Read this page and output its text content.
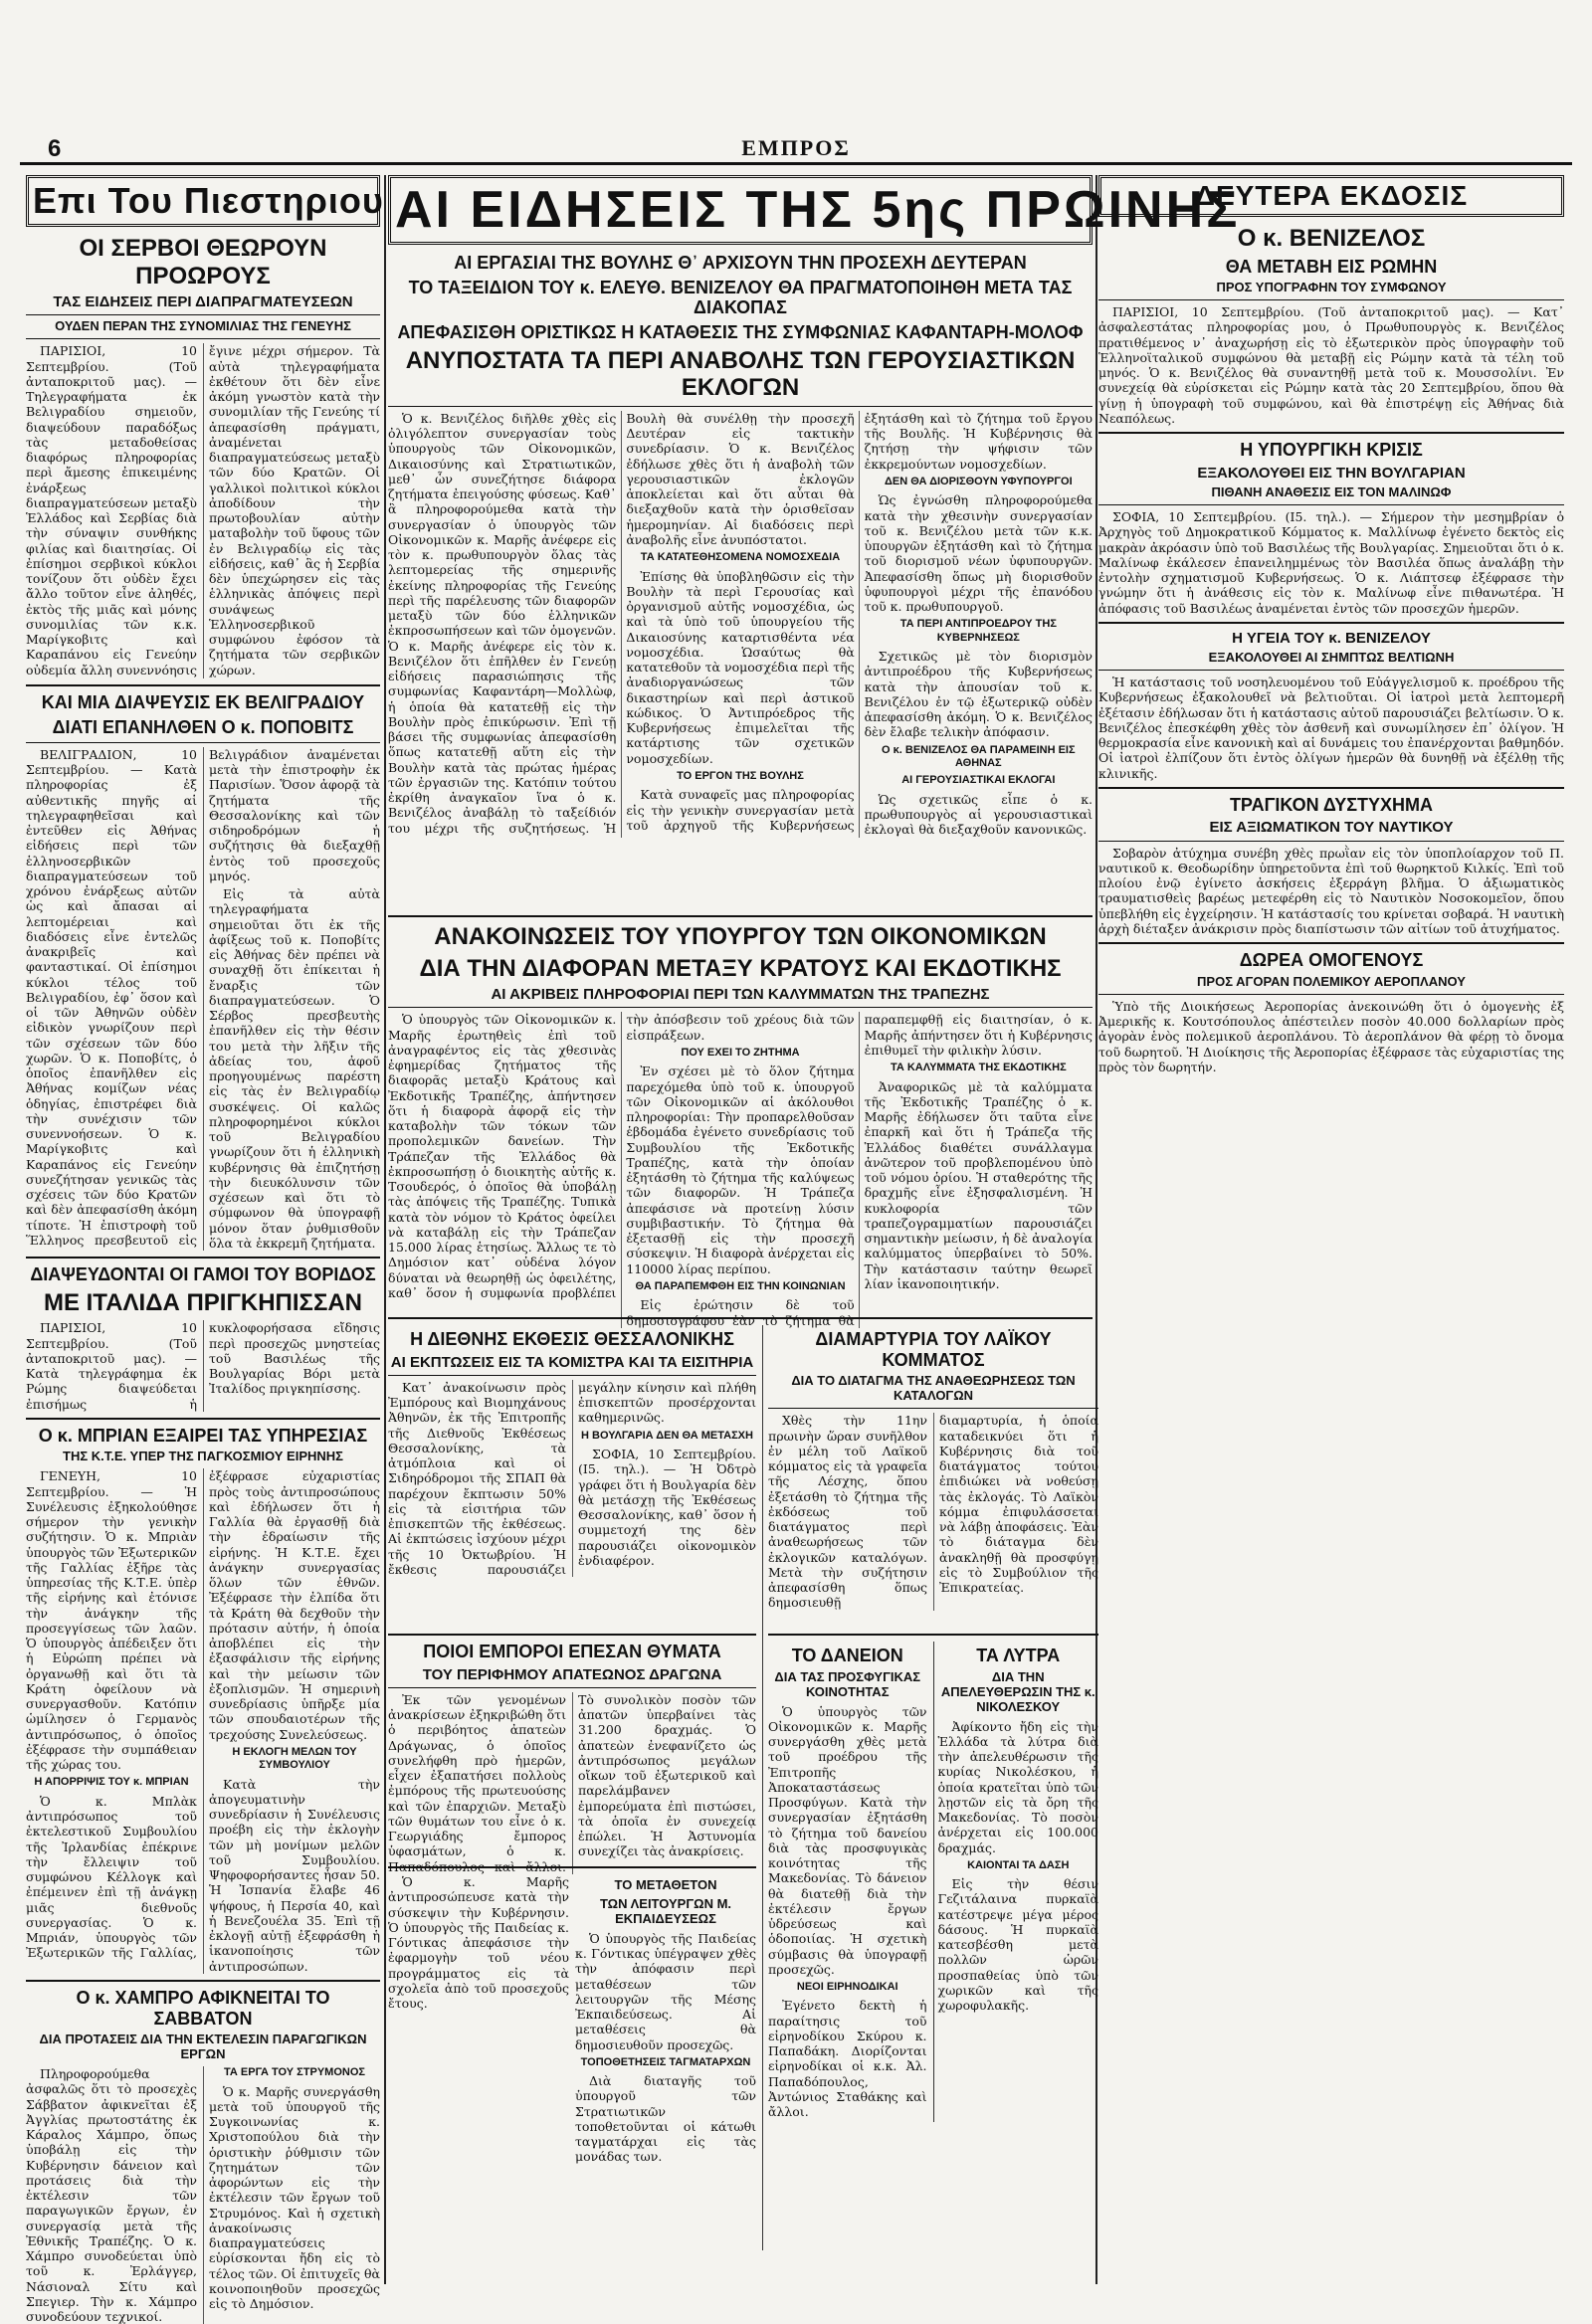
6	ΕΜΠΡΟΣ
Επι Του Πιεστηριου
ΟΙ ΣΕΡΒΟΙ ΘΕΩΡΟΥΝ ΠΡΟΩΡΟΥΣ
ΤΑΣ ΕΙΔΗΣΕΙΣ ΠΕΡΙ ΔΙΑΠΡΑΓΜΑΤΕΥΣΕΩΝ
ΟΥΔΕΝ ΠΕΡΑΝ ΤΗΣ ΣΥΝΟΜΙΛΙΑΣ ΤΗΣ ΓΕΝΕΥΗΣ

ΠΑΡΙΣΙΟΙ, 10 Σεπτεμβρίου. (Τοῦ ἀνταποκριτοῦ μας). — Τηλεγραφήματα ἐκ Βελιγραδίου σημειοῦν, διαψεύδουν παραδόξως τὰς μεταδοθείσας διαφόρως πληροφορίας περὶ ἄμεσης ἐπικειμένης ἐνάρξεως διαπραγματεύσεων μεταξὺ Ἑλλάδος καὶ Σερβίας διὰ τὴν σύναψιν συνθήκης φιλίας καὶ διαιτησίας. Οἱ ἐπίσημοι σερβικοὶ κύκλοι τονίζουν ὅτι οὐδὲν ἔχει ἄλλο τοῦτον εἶνε ἀληθές, ἐκτὸς τῆς μιᾶς καὶ μόνης συνομιλίας τῶν κ.κ. Μαρίγκοβιτς καὶ Καραπάνου εἰς Γενεύην οὐδεμία ἄλλη συνεννόησις ἔγινε μέχρι σήμερον. Τὰ αὐτὰ τηλεγραφήματα ἐκθέτουν ὅτι δὲν εἶνε ἀκόμη γνωστὸν κατὰ τὴν συνομιλίαν τῆς Γενεύης τί ἀπεφασίσθη πράγματι, ἀναμένεται διαπραγματεύσεως μεταξὺ τῶν δύο Κρατῶν. Οἱ γαλλικοὶ πολιτικοὶ κύκλοι ἀποδίδουν τὴν πρωτοβουλίαν αὐτὴν ματαβολὴν τοῦ ὕφους τῶν ἐν Βελιγραδίῳ εἰς τὰς εἰδήσεις, καθ᾽ ἃς ἡ Σερβία δὲν ὑπεχώρησεν εἰς τὰς ἑλληνικὰς ἀπόψεις περὶ συνάψεως Ἑλληνοσερβικοῦ συμφώνου ἐφόσον τὰ ζητήματα τῶν σερβικῶν χώρων.

ΚΑΙ ΜΙΑ ΔΙΑΨΕΥΣΙΣ ΕΚ ΒΕΛΙΓΡΑΔΙΟΥ
ΔΙΑΤΙ ΕΠΑΝΗΛΘΕΝ Ο κ. ΠΟΠΟΒΙΤΣ

ΒΕΛΙΓΡΑΔΙΟΝ, 10 Σεπτεμβρίου. — Κατὰ πληροφορίας ἐξ αὐθεντικῆς πηγῆς αἱ τηλεγραφηθεῖσαι καὶ ἐντεῦθεν εἰς Ἀθήνας εἰδήσεις περὶ τῶν ἑλληνοσερβικῶν διαπραγματεύσεων τοῦ χρόνου ἐνάρξεως αὐτῶν ὡς καὶ ἄπασαι αἱ λεπτομέρειαι καὶ διαδόσεις εἶνε ἐντελῶς ἀνακριβεῖς καὶ φανταστικαί. Οἱ ἐπίσημοι κύκλοι τέλος τοῦ Βελιγραδίου, ἐφ᾽ ὅσον καὶ οἱ τῶν Ἀθηνῶν οὐδὲν εἰδικὸν γνωρίζουν περὶ τῶν σχέσεων τῶν δύο χωρῶν. Ὁ κ. Ποποβίτς, ὁ ὁποῖος ἐπανῆλθεν εἰς Ἀθήνας κομίζων νέας ὁδηγίας, ἐπιστρέφει διὰ τὴν συνέχισιν τῶν συνεννοήσεων. Ὁ κ. Μαρίγκοβιτς καὶ Καραπάνος εἰς Γενεύην συνεζήτησαν γενικῶς τὰς σχέσεις τῶν δύο Κρατῶν καὶ δὲν ἀπεφασίσθη ἀκόμη τίποτε. Ἡ ἐπιστροφὴ τοῦ Ἕλληνος πρεσβευτοῦ εἰς Βελιγράδιον ἀναμένεται μετὰ τὴν ἐπιστροφὴν ἐκ Παρισίων. Ὅσον ἀφορᾷ τὰ ζητήματα τῆς Θεσσαλονίκης καὶ τῶν σιδηροδρόμων ἡ συζήτησις θὰ διεξαχθῇ ἐντὸς τοῦ προσεχοῦς μηνός.

Εἰς τὰ αὐτὰ τηλεγραφήματα σημειοῦται ὅτι ἐκ τῆς ἀφίξεως τοῦ κ. Ποποβίτς εἰς Ἀθήνας δὲν πρέπει νὰ συναχθῇ ὅτι ἐπίκειται ἡ ἔναρξις τῶν διαπραγματεύσεων. Ὁ Σέρβος πρεσβευτὴς ἐπανῆλθεν εἰς τὴν θέσιν του μετὰ τὴν λῆξιν τῆς ἀδείας του, ἀφοῦ προηγουμένως παρέστη εἰς τὰς ἐν Βελιγραδίῳ συσκέψεις. Οἱ καλῶς πληροφορημένοι κύκλοι τοῦ Βελιγραδίου γνωρίζουν ὅτι ἡ ἑλληνικὴ κυβέρνησις θὰ ἐπιζητήσῃ τὴν διευκόλυνσιν τῶν σχέσεων καὶ ὅτι τὸ σύμφωνον θὰ ὑπογραφῇ μόνον ὅταν ῥυθμισθοῦν ὅλα τὰ ἐκκρεμῆ ζητήματα.

ΔΙΑΨΕΥΔΟΝΤΑΙ ΟΙ ΓΑΜΟΙ ΤΟΥ ΒΟΡΙΔΟΣ
ΜΕ ΙΤΑΛΙΔΑ ΠΡΙΓΚΗΠΙΣΣΑΝ

ΠΑΡΙΣΙΟΙ, 10 Σεπτεμβρίου. (Τοῦ ἀνταποκριτοῦ μας). — Κατὰ τηλεγράφημα ἐκ Ρώμης διαψεύδεται ἐπισήμως ἡ κυκλοφορήσασα εἴδησις περὶ προσεχῶς μνηστείας τοῦ Βασιλέως τῆς Βουλγαρίας Βόρι μετὰ Ἰταλίδος πριγκηπίσσης.

Ο κ. ΜΠΡΙΑΝ ΕΞΑΙΡΕΙ ΤΑΣ ΥΠΗΡΕΣΙΑΣ
ΤΗΣ Κ.Τ.Ε. ΥΠΕΡ ΤΗΣ ΠΑΓΚΟΣΜΙΟΥ ΕΙΡΗΝΗΣ

ΓΕΝΕΥΗ, 10 Σεπτεμβρίου. — Ἡ Συνέλευσις ἐξηκολούθησε σήμερον τὴν γενικὴν συζήτησιν. Ὁ κ. Μπριὰν ὑπουργὸς τῶν Ἐξωτερικῶν τῆς Γαλλίας ἐξῆρε τὰς ὑπηρεσίας τῆς Κ.Τ.Ε. ὑπὲρ τῆς εἰρήνης καὶ ἐτόνισε τὴν ἀνάγκην τῆς προσεγγίσεως τῶν λαῶν. Ὁ ὑπουργὸς ἀπέδειξεν ὅτι ἡ Εὐρώπη πρέπει νὰ ὀργανωθῇ καὶ ὅτι τὰ Κράτη ὀφείλουν νὰ συνεργασθοῦν. Κατόπιν ὡμίλησεν ὁ Γερμανὸς ἀντιπρόσωπος, ὁ ὁποῖος ἐξέφρασε τὴν συμπάθειαν τῆς χώρας του.

Η ΑΠΟΡΡΙΨΙΣ ΤΟΥ κ. ΜΠΡΙΑΝ

Ὁ κ. Μπλὰκ ἀντιπρόσωπος τοῦ ἐκτελεστικοῦ Συμβουλίου τῆς Ἰρλανδίας ἐπέκρινε τὴν ἔλλειψιν τοῦ συμφώνου Κέλλογκ καὶ ἐπέμεινεν ἐπὶ τῇ ἀνάγκῃ μιᾶς διεθνοῦς συνεργασίας. Ὁ κ. Μπριάν, ὑπουργὸς τῶν Ἐξωτερικῶν τῆς Γαλλίας, ἐξέφρασε εὐχαριστίας πρὸς τοὺς ἀντιπροσώπους καὶ ἐδήλωσεν ὅτι ἡ Γαλλία θὰ ἐργασθῇ διὰ τὴν ἐδραίωσιν τῆς εἰρήνης. Ἡ Κ.Τ.Ε. ἔχει ἀνάγκην συνεργασίας ὅλων τῶν ἐθνῶν. Ἐξέφρασε τὴν ἐλπίδα ὅτι τὰ Κράτη θὰ δεχθοῦν τὴν πρότασιν αὐτήν, ἡ ὁποία ἀποβλέπει εἰς τὴν ἐξασφάλισιν τῆς εἰρήνης καὶ τὴν μείωσιν τῶν ἐξοπλισμῶν. Ἡ σημερινὴ συνεδρίασις ὑπῆρξε μία τῶν σπουδαιοτέρων τῆς τρεχούσης Συνελεύσεως.

Η ΕΚΛΟΓΗ ΜΕΛΩΝ ΤΟΥ ΣΥΜΒΟΥΛΙΟΥ

Κατὰ τὴν ἀπογευματινὴν συνεδρίασιν ἡ Συνέλευσις προέβη εἰς τὴν ἐκλογὴν τῶν μὴ μονίμων μελῶν τοῦ Συμβουλίου. Ψηφοφορήσαντες ἦσαν 50. Ἡ Ἰσπανία ἔλαβε 46 ψήφους, ἡ Περσία 40, καὶ ἡ Βενεζουέλα 35. Ἐπὶ τῇ ἐκλογῇ αὐτῇ ἐξεφράσθη ἡ ἱκανοποίησις τῶν ἀντιπροσώπων.

Ο κ. ΧΑΜΠΡΟ ΑΦΙΚΝΕΙΤΑΙ ΤΟ ΣΑΒΒΑΤΟΝ
ΔΙΑ ΠΡΟΤΑΣΕΙΣ ΔΙΑ ΤΗΝ ΕΚΤΕΛΕΣΙΝ ΠΑΡΑΓΩΓΙΚΩΝ ΕΡΓΩΝ

Πληροφορούμεθα ἀσφαλῶς ὅτι τὸ προσεχὲς Σάββατον ἀφικνεῖται ἐξ Ἀγγλίας πρωτοστάτης ἐκ Κάραλος Χάμπρο, ὅπως ὑποβάλῃ εἰς τὴν Κυβέρνησιν δάνειον καὶ προτάσεις διὰ τὴν ἐκτέλεσιν τῶν παραγωγικῶν ἔργων, ἐν συνεργασίᾳ μετὰ τῆς Ἐθνικῆς Τραπέζης. Ὁ κ. Χάμπρο συνοδεύεται ὑπὸ τοῦ κ. Ἐρλάγγερ, Νάσιοναλ Σίτυ καὶ Σπεγιερ. Τὴν κ. Χάμπρο συνοδεύουν τεχνικοί.

ΤΑ ΕΡΓΑ ΤΟΥ ΣΤΡΥΜΟΝΟΣ

Ὁ κ. Μαρῆς συνεργάσθη μετὰ τοῦ ὑπουργοῦ τῆς Συγκοινωνίας κ. Χριστοπούλου διὰ τὴν ὁριστικὴν ῥύθμισιν τῶν ζητημάτων τῶν ἀφορώντων εἰς τὴν ἐκτέλεσιν τῶν ἔργων τοῦ Στρυμόνος. Καὶ ἡ σχετικὴ ἀνακοίνωσις διαπραγματεύσεις εὑρίσκονται ἤδη εἰς τὸ τέλος τῶν. Οἱ ἐπιτυχεῖς θὰ κοινοποιηθοῦν προσεχῶς εἰς τὸ Δημόσιον.

ΑΙ ΕΙΔΗΣΕΙΣ ΤΗΣ 5ης ΠΡΩΙΝΗΣ
ΑΙ ΕΡΓΑΣΙΑΙ ΤΗΣ ΒΟΥΛΗΣ Θ᾽ ΑΡΧΙΣΟΥΝ ΤΗΝ ΠΡΟΣΕΧΗ ΔΕΥΤΕΡΑΝ
ΤΟ ΤΑΞΕΙΔΙΟΝ ΤΟΥ κ. ΕΛΕΥΘ. ΒΕΝΙΖΕΛΟΥ ΘΑ ΠΡΑΓΜΑΤΟΠΟΙΗΘΗ ΜΕΤΑ ΤΑΣ ΔΙΑΚΟΠΑΣ
ΑΠΕΦΑΣΙΣΘΗ ΟΡΙΣΤΙΚΩΣ Η ΚΑΤΑΘΕΣΙΣ ΤΗΣ ΣΥΜΦΩΝΙΑΣ ΚΑΦΑΝΤΑΡΗ-ΜΟΛΟΦ
ΑΝΥΠΟΣΤΑΤΑ ΤΑ ΠΕΡΙ ΑΝΑΒΟΛΗΣ ΤΩΝ ΓΕΡΟΥΣΙΑΣΤΙΚΩΝ ΕΚΛΟΓΩΝ

Ὁ κ. Βενιζέλος διῆλθε χθὲς εἰς ὀλιγόλεπτον συνεργασίαν τοὺς ὑπουργοὺς τῶν Οἰκονομικῶν, Δικαιοσύνης καὶ Στρατιωτικῶν, μεθ᾽ ὧν συνεζήτησε διάφορα ζητήματα ἐπειγούσης φύσεως. Καθ᾽ ἃ πληροφορούμεθα κατὰ τὴν συνεργασίαν ὁ ὑπουργὸς τῶν Οἰκονομικῶν κ. Μαρῆς ἀνέφερε εἰς τὸν κ. πρωθυπουργὸν ὅλας τὰς λεπτομερείας τῆς σημερινῆς ἐκείνης πληροφορίας τῆς Γενεύης περὶ τῆς παρέλευσης τῶν διαφορῶν μεταξὺ τῶν δύο ἑλληνικῶν ἐκπροσωπήσεων καὶ τῶν ὁμογενῶν. Ὁ κ. Μαρῆς ἀνέφερε εἰς τὸν κ. Βενιζέλον ὅτι ἐπῆλθεν ἐν Γενεύῃ εἰδήσεις παρασιώπησις τῆς συμφωνίας Καφαντάρη—Μολλὼφ, ἡ ὁποία θὰ κατατεθῇ εἰς τὴν Βουλὴν πρὸς ἐπικύρωσιν. Ἐπὶ τῇ βάσει τῆς συμφωνίας ἀπεφασίσθη ὅπως κατατεθῇ αὕτη εἰς τὴν Βουλὴν κατὰ τὰς πρώτας ἡμέρας τῶν ἐργασιῶν της. Κατόπιν τούτου ἐκρίθη ἀναγκαῖον ἵνα ὁ κ. Βενιζέλος ἀναβάλῃ τὸ ταξείδιόν του μέχρι τῆς συζητήσεως. Ἡ Βουλὴ θὰ συνέλθῃ τὴν προσεχῆ Δευτέραν εἰς τακτικὴν συνεδρίασιν. Ὁ κ. Βενιζέλος ἐδήλωσε χθὲς ὅτι ἡ ἀναβολὴ τῶν γερουσιαστικῶν ἐκλογῶν ἀποκλείεται καὶ ὅτι αὗται θὰ διεξαχθοῦν κατὰ τὴν ὁρισθεῖσαν ἡμερομηνίαν. Αἱ διαδόσεις περὶ ἀναβολῆς εἶνε ἀνυπόστατοι.

ΤΑ ΚΑΤΑΤΕΘΗΣΟΜΕΝΑ ΝΟΜΟΣΧΕΔΙΑ

Ἐπίσης θὰ ὑποβληθῶσιν εἰς τὴν Βουλὴν τὰ περὶ Γερουσίας καὶ ὀργανισμοῦ αὐτῆς νομοσχέδια, ὡς καὶ τὰ ὑπὸ τοῦ ὑπουργείου τῆς Δικαιοσύνης καταρτισθέντα νέα νομοσχέδια. Ὡσαύτως θὰ κατατεθοῦν τὰ νομοσχέδια περὶ τῆς ἀναδιοργανώσεως τῶν δικαστηρίων καὶ περὶ ἀστικοῦ κώδικος. Ὁ Ἀντιπρόεδρος τῆς Κυβερνήσεως ἐπιμελεῖται τῆς κατάρτισης τῶν σχετικῶν νομοσχεδίων.

ΤΟ ΕΡΓΟΝ ΤΗΣ ΒΟΥΛΗΣ

Κατὰ συναφεῖς μας πληροφορίας εἰς τὴν γενικὴν συνεργασίαν μετὰ τοῦ ἀρχηγοῦ τῆς Κυβερνήσεως ἐξητάσθη καὶ τὸ ζήτημα τοῦ ἔργου τῆς Βουλῆς. Ἡ Κυβέρνησις θὰ ζητήσῃ τὴν ψήφισιν τῶν ἐκκρεμούντων νομοσχεδίων.

ΔΕΝ ΘΑ ΔΙΟΡΙΣΘΟΥΝ ΥΦΥΠΟΥΡΓΟΙ

Ὡς ἐγνώσθη πληροφορούμεθα κατὰ τὴν χθεσινὴν συνεργασίαν τοῦ κ. Βενιζέλου μετὰ τῶν κ.κ. ὑπουργῶν ἐξητάσθη καὶ τὸ ζήτημα τοῦ διορισμοῦ νέων ὑφυπουργῶν. Ἀπεφασίσθη ὅπως μὴ διορισθοῦν ὑφυπουργοὶ μέχρι τῆς ἐπανόδου τοῦ κ. πρωθυπουργοῦ.

ΤΑ ΠΕΡΙ ΑΝΤΙΠΡΟΕΔΡΟΥ ΤΗΣ ΚΥΒΕΡΝΗΣΕΩΣ

Σχετικῶς μὲ τὸν διορισμὸν ἀντιπροέδρου τῆς Κυβερνήσεως κατὰ τὴν ἀπουσίαν τοῦ κ. Βενιζέλου ἐν τῷ ἐξωτερικῷ οὐδὲν ἀπεφασίσθη ἀκόμη. Ὁ κ. Βενιζέλος δὲν ἔλαβε τελικὴν ἀπόφασιν.

Ο κ. ΒΕΝΙΖΕΛΟΣ ΘΑ ΠΑΡΑΜΕΙΝΗ ΕΙΣ ΑΘΗΝΑΣ
ΑΙ ΓΕΡΟΥΣΙΑΣΤΙΚΑΙ ΕΚΛΟΓΑΙ

Ὡς σχετικῶς εἶπε ὁ κ. πρωθυπουργὸς αἱ γερουσιαστικαὶ ἐκλογαὶ θὰ διεξαχθοῦν κανονικῶς.

ΑΝΑΚΟΙΝΩΣΕΙΣ ΤΟΥ ΥΠΟΥΡΓΟΥ ΤΩΝ ΟΙΚΟΝΟΜΙΚΩΝ
ΔΙΑ ΤΗΝ ΔΙΑΦΟΡΑΝ ΜΕΤΑΞΥ ΚΡΑΤΟΥΣ ΚΑΙ ΕΚΔΟΤΙΚΗΣ
ΑΙ ΑΚΡΙΒΕΙΣ ΠΛΗΡΟΦΟΡΙΑΙ ΠΕΡΙ ΤΩΝ ΚΑΛΥΜΜΑΤΩΝ ΤΗΣ ΤΡΑΠΕΖΗΣ

Ὁ ὑπουργὸς τῶν Οἰκονομικῶν κ. Μαρῆς ἐρωτηθεὶς ἐπὶ τοῦ ἀναγραφέντος εἰς τὰς χθεσινὰς ἐφημερίδας ζητήματος τῆς διαφορᾶς μεταξὺ Κράτους καὶ Ἐκδοτικῆς Τραπέζης, ἀπήντησεν ὅτι ἡ διαφορὰ ἀφορᾷ εἰς τὴν καταβολὴν τῶν τόκων τῶν προπολεμικῶν δανείων. Τὴν Τράπεζαν τῆς Ἑλλάδος θὰ ἐκπροσωπήσῃ ὁ διοικητὴς αὐτῆς κ. Τσουδερός, ὁ ὁποῖος θὰ ὑποβάλῃ τὰς ἀπόψεις τῆς Τραπέζης. Τυπικὰ κατὰ τὸν νόμον τὸ Κράτος ὀφείλει νὰ καταβάλῃ εἰς τὴν Τράπεζαν 15.000 λίρας ἑτησίως. Ἄλλως τε τὸ Δημόσιον κατ᾽ οὐδένα λόγον δύναται νὰ θεωρηθῇ ὡς ὀφειλέτης, καθ᾽ ὅσον ἡ συμφωνία προβλέπει τὴν ἀπόσβεσιν τοῦ χρέους διὰ τῶν εἰσπράξεων.

ΠΟΥ ΕΧΕΙ ΤΟ ΖΗΤΗΜΑ

Ἐν σχέσει μὲ τὸ ὅλον ζήτημα παρεχόμεθα ὑπὸ τοῦ κ. ὑπουργοῦ τῶν Οἰκονομικῶν αἱ ἀκόλουθοι πληροφορίαι: Τὴν προπαρελθοῦσαν ἑβδομάδα ἐγένετο συνεδρίασις τοῦ Συμβουλίου τῆς Ἐκδοτικῆς Τραπέζης, κατὰ τὴν ὁποίαν ἐξητάσθη τὸ ζήτημα τῆς καλύψεως τῶν διαφορῶν. Ἡ Τράπεζα ἀπεφάσισε νὰ προτείνῃ λύσιν συμβιβαστικήν. Τὸ ζήτημα θὰ ἐξετασθῇ εἰς τὴν προσεχῆ σύσκεψιν. Ἡ διαφορὰ ἀνέρχεται εἰς 110000 λίρας περίπου.

ΘΑ ΠΑΡΑΠΕΜΦΘΗ ΕΙΣ ΤΗΝ ΚΟΙΝΩΝΙΑΝ

Εἰς ἐρώτησιν δὲ τοῦ δημοσιογράφου ἐὰν τὸ ζήτημα θὰ παραπεμφθῇ εἰς διαιτησίαν, ὁ κ. Μαρῆς ἀπήντησεν ὅτι ἡ Κυβέρνησις ἐπιθυμεῖ τὴν φιλικὴν λύσιν.

ΤΑ ΚΑΛΥΜΜΑΤΑ ΤΗΣ ΕΚΔΟΤΙΚΗΣ

Ἀναφορικῶς μὲ τὰ καλύμματα τῆς Ἐκδοτικῆς Τραπέζης ὁ κ. Μαρῆς ἐδήλωσεν ὅτι ταῦτα εἶνε ἐπαρκῆ καὶ ὅτι ἡ Τράπεζα τῆς Ἑλλάδος διαθέτει συνάλλαγμα ἀνῶτερον τοῦ προβλεπομένου ὑπὸ τοῦ νόμου ὁρίου. Ἡ σταθερότης τῆς δραχμῆς εἶνε ἐξησφαλισμένη. Ἡ κυκλοφορία τῶν τραπεζογραμματίων παρουσιάζει σημαντικὴν μείωσιν, ἡ δὲ ἀναλογία καλύμματος ὑπερβαίνει τὸ 50%. Τὴν κατάστασιν ταύτην θεωρεῖ λίαν ἱκανοποιητικήν.

Η ΔΙΕΘΝΗΣ ΕΚΘΕΣΙΣ ΘΕΣΣΑΛΟΝΙΚΗΣ
ΑΙ ΕΚΠΤΩΣΕΙΣ ΕΙΣ ΤΑ ΚΟΜΙΣΤΡΑ ΚΑΙ ΤΑ ΕΙΣΙΤΗΡΙΑ

Κατ᾽ ἀνακοίνωσιν πρὸς Ἐμπόρους καὶ Βιομηχάνους Ἀθηνῶν, ἐκ τῆς Ἐπιτροπῆς τῆς Διεθνοῦς Ἐκθέσεως Θεσσαλονίκης, τὰ ἀτμόπλοια καὶ οἱ Σιδηρόδρομοι τῆς ΣΠΑΠ θὰ παρέχουν ἔκπτωσιν 50% εἰς τὰ εἰσιτήρια τῶν ἐπισκεπτῶν τῆς ἐκθέσεως. Αἱ ἐκπτώσεις ἰσχύουν μέχρι τῆς 10 Ὀκτωβρίου. Ἡ ἔκθεσις παρουσιάζει μεγάλην κίνησιν καὶ πλήθη ἐπισκεπτῶν προσέρχονται καθημερινῶς.

Η ΒΟΥΛΓΑΡΙΑ ΔΕΝ ΘΑ ΜΕΤΑΣΧΗ

ΣΟΦΙΑ, 10 Σεπτεμβρίου. (Ι5. τηλ.). — Ἡ Ὀδτρὸ γράφει ὅτι ἡ Βουλγαρία δὲν θὰ μετάσχῃ τῆς Ἐκθέσεως Θεσσαλονίκης, καθ᾽ ὅσον ἡ συμμετοχή της δὲν παρουσιάζει οἰκονομικὸν ἐνδιαφέρον.

ΠΟΙΟΙ ΕΜΠΟΡΟΙ ΕΠΕΣΑΝ ΘΥΜΑΤΑ
ΤΟΥ ΠΕΡΙΦΗΜΟΥ ΑΠΑΤΕΩΝΟΣ ΔΡΑΓΩΝΑ

Ἐκ τῶν γενομένων ἀνακρίσεων ἐξηκριβώθη ὅτι ὁ περιβόητος ἀπατεὼν Δράγωνας, ὁ ὁποῖος συνελήφθη πρὸ ἡμερῶν, εἶχεν ἐξαπατήσει πολλοὺς ἐμπόρους τῆς πρωτευούσης καὶ τῶν ἐπαρχιῶν. Μεταξὺ τῶν θυμάτων του εἶνε ὁ κ. Γεωργιάδης ἔμπορος ὑφασμάτων, ὁ κ. Παπαδόπουλος καὶ ἄλλοι. Τὸ συνολικὸν ποσὸν τῶν ἀπατῶν ὑπερβαίνει τὰς 31.200 δραχμάς. Ὁ ἀπατεὼν ἐνεφανίζετο ὡς ἀντιπρόσωπος μεγάλων οἴκων τοῦ ἐξωτερικοῦ καὶ παρελάμβανεν ἐμπορεύματα ἐπὶ πιστώσει, τὰ ὁποῖα ἐν συνεχείᾳ ἐπώλει. Ἡ Ἀστυνομία συνεχίζει τὰς ἀνακρίσεις.

Ὁ κ. Μαρῆς ἀντιπροσώπευσε κατὰ τὴν σύσκεψιν τὴν Κυβέρνησιν. Ὁ ὑπουργὸς τῆς Παιδείας κ. Γόντικας ἀπεφάσισε τὴν ἐφαρμογὴν τοῦ νέου προγράμματος εἰς τὰ σχολεῖα ἀπὸ τοῦ προσεχοῦς ἔτους.

ΤΟ ΜΕΤΑΘΕΤΟΝ
ΤΩΝ ΛΕΙΤΟΥΡΓΩΝ Μ. ΕΚΠΑΙΔΕΥΣΕΩΣ

Ὁ ὑπουργὸς τῆς Παιδείας κ. Γόντικας ὑπέγραψεν χθὲς τὴν ἀπόφασιν περὶ μεταθέσεων τῶν λειτουργῶν τῆς Μέσης Ἐκπαιδεύσεως. Αἱ μεταθέσεις θὰ δημοσιευθοῦν προσεχῶς.

ΤΟΠΟΘΕΤΗΣΕΙΣ ΤΑΓΜΑΤΑΡΧΩΝ

Διὰ διαταγῆς τοῦ ὑπουργοῦ τῶν Στρατιωτικῶν τοποθετοῦνται οἱ κάτωθι ταγματάρχαι εἰς τὰς μονάδας των.

ΔΙΑΜΑΡΤΥΡΙΑ ΤΟΥ ΛΑΪΚΟΥ ΚΟΜΜΑΤΟΣ
ΔΙΑ ΤΟ ΔΙΑΤΑΓΜΑ ΤΗΣ ΑΝΑΘΕΩΡΗΣΕΩΣ ΤΩΝ ΚΑΤΑΛΟΓΩΝ

Χθὲς τὴν 11ην πρωινὴν ὥραν συνῆλθον ἐν μέλη τοῦ Λαϊκοῦ κόμματος εἰς τὰ γραφεῖα τῆς Λέσχης, ὅπου ἐξετάσθη τὸ ζήτημα τῆς ἐκδόσεως τοῦ διατάγματος περὶ ἀναθεωρήσεως τῶν ἐκλογικῶν καταλόγων. Μετὰ τὴν συζήτησιν ἀπεφασίσθη ὅπως δημοσιευθῇ διαμαρτυρία, ἡ ὁποία καταδεικνύει ὅτι ἡ Κυβέρνησις διὰ τοῦ διατάγματος τούτου ἐπιδιώκει νὰ νοθεύσῃ τὰς ἐκλογάς. Τὸ Λαϊκὸν κόμμα ἐπιφυλάσσεται νὰ λάβῃ ἀποφάσεις. Ἐὰν τὸ διάταγμα δὲν ἀνακληθῇ θὰ προσφύγῃ εἰς τὸ Συμβούλιον τῆς Ἐπικρατείας.

ΤΟ ΔΑΝΕΙΟΝ
ΔΙΑ ΤΑΣ ΠΡΟΣΦΥΓΙΚΑΣ ΚΟΙΝΟΤΗΤΑΣ

Ὁ ὑπουργὸς τῶν Οἰκονομικῶν κ. Μαρῆς συνεργάσθη χθὲς μετὰ τοῦ προέδρου τῆς Ἐπιτροπῆς Ἀποκαταστάσεως Προσφύγων. Κατὰ τὴν συνεργασίαν ἐξητάσθη τὸ ζήτημα τοῦ δανείου διὰ τὰς προσφυγικὰς κοινότητας τῆς Μακεδονίας. Τὸ δάνειον θὰ διατεθῇ διὰ τὴν ἐκτέλεσιν ἔργων ὑδρεύσεως καὶ ὁδοποιίας. Ἡ σχετικὴ σύμβασις θὰ ὑπογραφῇ προσεχῶς.

ΝΕΟΙ ΕΙΡΗΝΟΔΙΚΑΙ

Ἐγένετο δεκτὴ ἡ παραίτησις τοῦ εἰρηνοδίκου Σκύρου κ. Παπαδάκη. Διορίζονται εἰρηνοδίκαι οἱ κ.κ. Ἀλ. Παπαδόπουλος, Ἀντώνιος Σταθάκης καὶ ἄλλοι.

ΤΑ ΛΥΤΡΑ
ΔΙΑ ΤΗΝ ΑΠΕΛΕΥΘΕΡΩΣΙΝ ΤΗΣ κ. ΝΙΚΟΛΕΣΚΟΥ

Ἀφίκοντο ἤδη εἰς τὴν Ἑλλάδα τὰ λύτρα διὰ τὴν ἀπελευθέρωσιν τῆς κυρίας Νικολέσκου, ἡ ὁποία κρατεῖται ὑπὸ τῶν λῃστῶν εἰς τὰ ὄρη τῆς Μακεδονίας. Τὸ ποσὸν ἀνέρχεται εἰς 100.000 δραχμάς.

ΚΑΙΟΝΤΑΙ ΤΑ ΔΑΣΗ

Εἰς τὴν θέσιν Γεζιτάλαινα πυρκαϊὰ κατέστρεψε μέγα μέρος δάσους. Ἡ πυρκαϊὰ κατεσβέσθη μετὰ πολλῶν ὡρῶν προσπαθείας ὑπὸ τῶν χωρικῶν καὶ τῆς χωροφυλακῆς.

ΔΕΥΤΕΡΑ ΕΚΔΟΣΙΣ
Ο κ. ΒΕΝΙΖΕΛΟΣ
ΘΑ ΜΕΤΑΒΗ ΕΙΣ ΡΩΜΗΝ
ΠΡΟΣ ΥΠΟΓΡΑΦΗΝ ΤΟΥ ΣΥΜΦΩΝΟΥ

ΠΑΡΙΣΙΟΙ, 10 Σεπτεμβρίου. (Τοῦ ἀνταποκριτοῦ μας). — Κατ᾽ ἀσφαλεστάτας πληροφορίας μου, ὁ Πρωθυπουργὸς κ. Βενιζέλος πρατιθέμενος ν᾽ ἀναχωρήσῃ εἰς τὸ ἐξωτερικὸν πρὸς ὑπογραφὴν τοῦ Ἑλληνοϊταλικοῦ συμφώνου θὰ μεταβῇ εἰς Ρώμην κατὰ τὰ τέλη τοῦ μηνός. Ὁ κ. Βενιζέλος θὰ συναντηθῇ μετὰ τοῦ κ. Μουσσολίνι. Ἐν συνεχείᾳ θὰ εὑρίσκεται εἰς Ρώμην κατὰ τὰς 20 Σεπτεμβρίου, ὅπου θὰ γίνῃ ἡ ὑπογραφὴ τοῦ συμφώνου, καὶ θὰ ἐπιστρέψῃ εἰς Ἀθήνας διὰ Νεαπόλεως.

Η ΥΠΟΥΡΓΙΚΗ ΚΡΙΣΙΣ
ΕΞΑΚΟΛΟΥΘΕΙ ΕΙΣ ΤΗΝ ΒΟΥΛΓΑΡΙΑΝ
ΠΙΘΑΝΗ ΑΝΑΘΕΣΙΣ ΕΙΣ ΤΟΝ ΜΑΛΙΝΩΦ

ΣΟΦΙΑ, 10 Σεπτεμβρίου. (Ι5. τηλ.). — Σήμερον τὴν μεσημβρίαν ὁ Ἀρχηγὸς τοῦ Δημοκρατικοῦ Κόμματος κ. Μαλλίνωφ ἐγένετο δεκτὸς εἰς μακρὰν ἀκρόασιν ὑπὸ τοῦ Βασιλέως τῆς Βουλγαρίας. Σημειοῦται ὅτι ὁ κ. Μαλίνωφ ἐκάλεσεν ἐπανειλημμένως τὸν Βασιλέα ὅπως ἀναλάβῃ τὴν ἐντολὴν σχηματισμοῦ Κυβερνήσεως. Ὁ κ. Λιάπτσεφ ἐξέφρασε τὴν γνώμην ὅτι ἡ ἀνάθεσις εἰς τὸν κ. Μαλίνωφ εἶνε πιθανωτέρα. Ἡ ἀπόφασις τοῦ Βασιλέως ἀναμένεται ἐντὸς τῶν προσεχῶν ἡμερῶν.

Η ΥΓΕΙΑ ΤΟΥ κ. ΒΕΝΙΖΕΛΟΥ
ΕΞΑΚΟΛΟΥΘΕΙ ΑΙ ΣΗΜΠΤΩΣ ΒΕΛΤΙΩΝΗ

Ἡ κατάστασις τοῦ νοσηλευομένου τοῦ Εὐάγγελισμοῦ κ. προέδρου τῆς Κυβερνήσεως ἐξακολουθεῖ νὰ βελτιοῦται. Οἱ ἰατροὶ μετὰ λεπτομερῆ ἐξέτασιν ἐδήλωσαν ὅτι ἡ κατάστασις αὐτοῦ παρουσιάζει βελτίωσιν. Ὁ κ. Βενιζέλος ἐπεσκέφθη χθὲς τὸν ἀσθενῆ καὶ συνωμίλησεν ἐπ᾽ ὀλίγον. Ἡ θερμοκρασία εἶνε κανονικὴ καὶ αἱ δυνάμεις του ἐπανέρχονται βαθμηδόν. Οἱ ἰατροὶ ἐλπίζουν ὅτι ἐντὸς ὀλίγων ἡμερῶν θὰ δυνηθῇ νὰ ἐξέλθῃ τῆς κλινικῆς.

ΤΡΑΓΙΚΟΝ ΔΥΣΤΥΧΗΜΑ
ΕΙΣ ΑΞΙΩΜΑΤΙΚΟΝ ΤΟΥ ΝΑΥΤΙΚΟΥ

Σοβαρὸν ἀτύχημα συνέβη χθὲς πρωῒαν εἰς τὸν ὑποπλοίαρχον τοῦ Π. ναυτικοῦ κ. Θεοδωρίδην ὑπηρετοῦντα ἐπὶ τοῦ θωρηκτοῦ Κιλκίς. Ἐπὶ τοῦ πλοίου ἐνῷ ἐγίνετο ἀσκήσεις ἐξερράγη βλῆμα. Ὁ ἀξιωματικὸς τραυματισθεὶς βαρέως μετεφέρθη εἰς τὸ Ναυτικὸν Νοσοκομεῖον, ὅπου ὑπεβλήθη εἰς ἐγχείρησιν. Ἡ κατάστασίς του κρίνεται σοβαρά. Ἡ ναυτικὴ ἀρχὴ διέταξεν ἀνάκρισιν πρὸς διαπίστωσιν τῶν αἰτίων τοῦ ἀτυχήματος.

ΔΩΡΕΑ ΟΜΟΓΕΝΟΥΣ
ΠΡΟΣ ΑΓΟΡΑΝ ΠΟΛΕΜΙΚΟΥ ΑΕΡΟΠΛΑΝΟΥ

Ὑπὸ τῆς Διοικήσεως Ἀεροπορίας ἀνεκοινώθη ὅτι ὁ ὁμογενὴς ἐξ Ἀμερικῆς κ. Κουτσόπουλος ἀπέστειλεν ποσὸν 40.000 δολλαρίων πρὸς ἀγορὰν ἑνὸς πολεμικοῦ ἀεροπλάνου. Τὸ ἀεροπλάνον θὰ φέρῃ τὸ ὄνομα τοῦ δωρητοῦ. Ἡ Διοίκησις τῆς Ἀεροπορίας ἐξέφρασε τὰς εὐχαριστίας της πρὸς τὸν δωρητήν.
